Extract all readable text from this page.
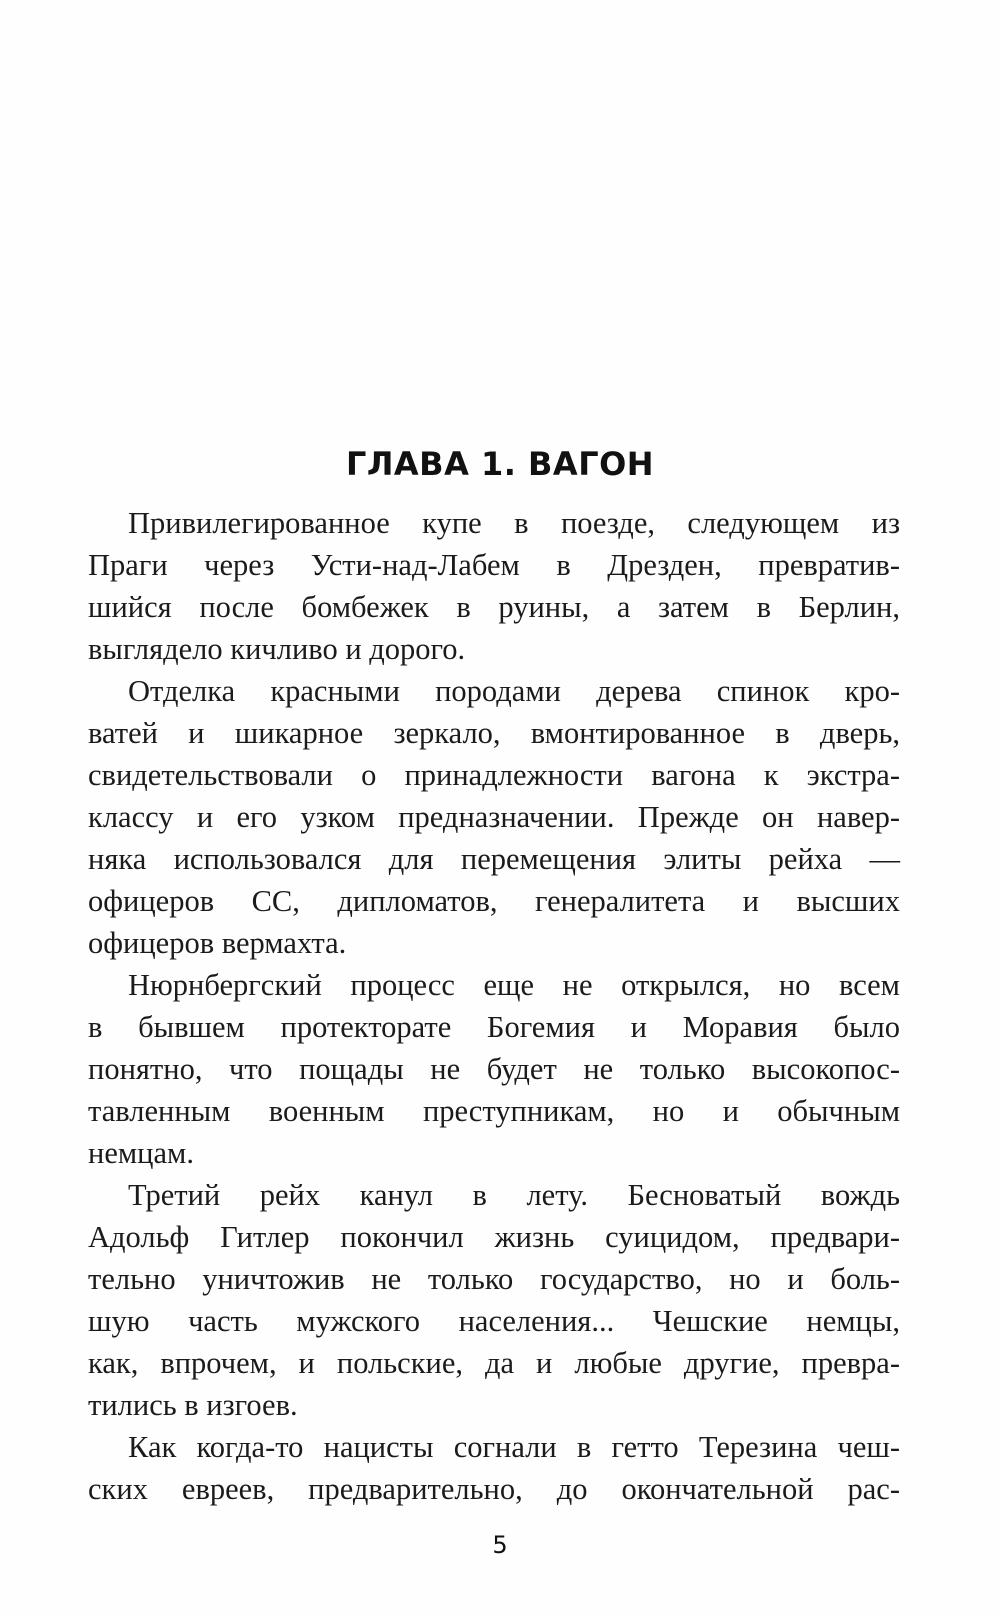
ГЛАВА 1. ВАГОН
Привилегированное купе в поезде, следующем из
Праги через Усти-над-Лабем в Дрезден, превратив-
шийся после бомбежек в руины, а затем в Берлин,
выглядело кичливо и дорого.
Отделка красными породами дерева спинок кро-
ватей и шикарное зеркало, вмонтированное в дверь,
свидетельствовали о принадлежности вагона к экстра-
классу и его узком предназначении. Прежде он навер-
няка использовался для перемещения элиты рейха —
офицеров СС, дипломатов, генералитета и высших
офицеров вермахта.
Нюрнбергский процесс еще не открылся, но всем
в бывшем протекторате Богемия и Моравия было
понятно, что пощады не будет не только высокопос-
тавленным военным преступникам, но и обычным
немцам.
Третий рейх канул в лету. Бесноватый вождь
Адольф Гитлер покончил жизнь суицидом, предвари-
тельно уничтожив не только государство, но и боль-
шую часть мужского населения... Чешские немцы,
как, впрочем, и польские, да и любые другие, превра-
тились в изгоев.
Как когда-то нацисты согнали в гетто Терезина чеш-
ских евреев, предварительно, до окончательной рас-
5
